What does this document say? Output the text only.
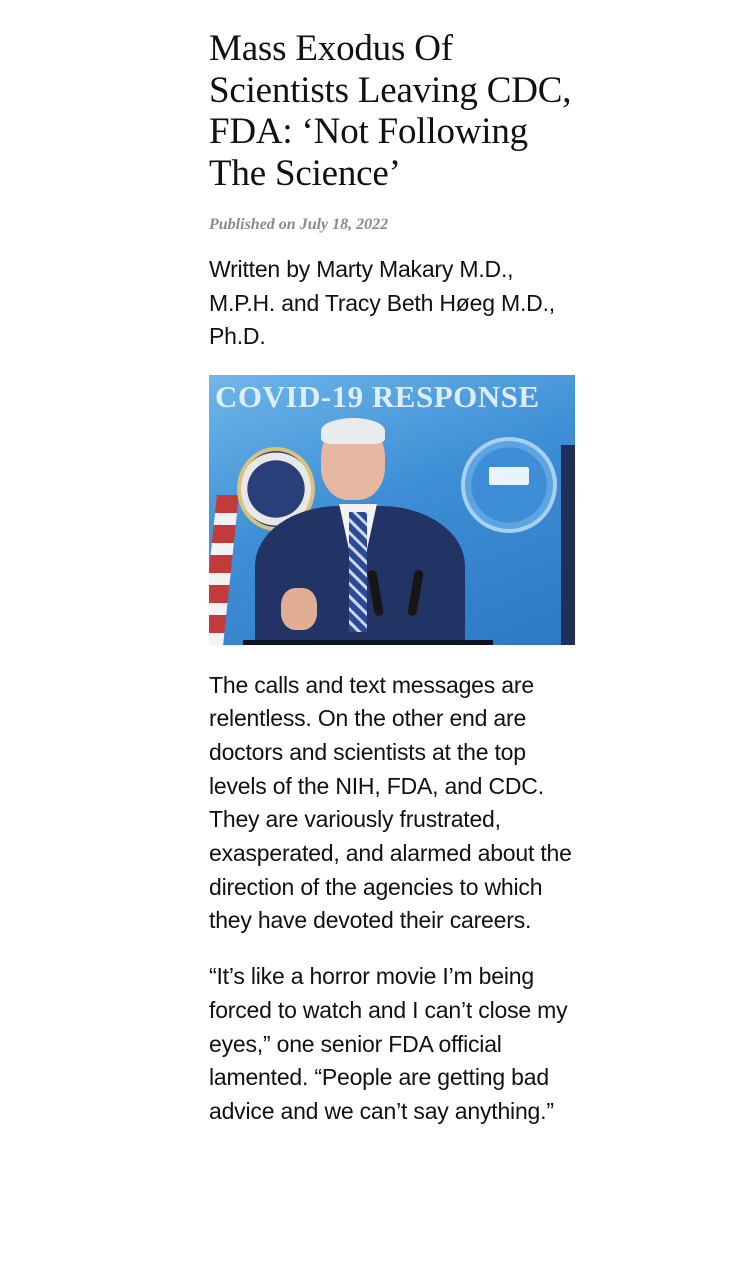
Mass Exodus Of Scientists Leaving CDC, FDA: ‘Not Following The Science’
Published on July 18, 2022
Written by Marty Makary M.D., M.P.H. and Tracy Beth Høeg M.D., Ph.D.
COVID-19 RESPONSE

The calls and text messages are relentless. On the other end are doctors and scientists at the top levels of the NIH, FDA, and CDC. They are variously frustrated, exasperated, and alarmed about the direction of the agencies to which they have devoted their careers.

“It’s like a horror movie I’m being forced to watch and I can’t close my eyes,” one senior FDA official lamented. “People are getting bad advice and we can’t say anything.”
